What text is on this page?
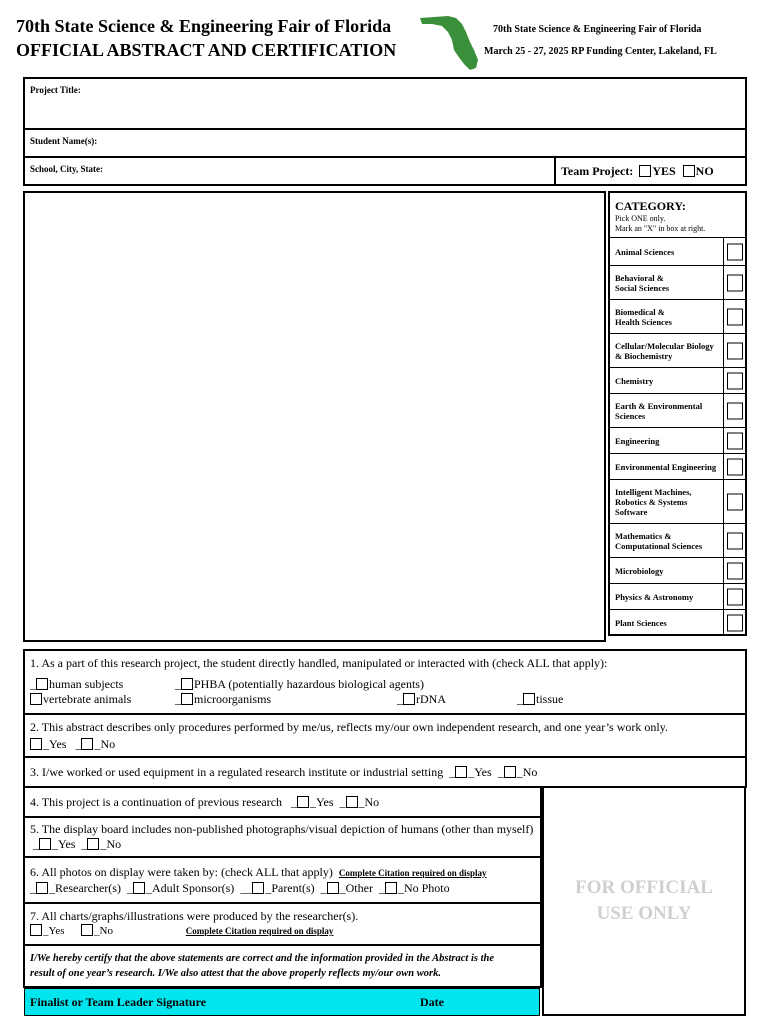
70th State Science & Engineering Fair of Florida
OFFICIAL ABSTRACT AND CERTIFICATION
70th State Science & Engineering Fair of Florida
March 25 - 27, 2025 RP Funding Center, Lakeland, FL
Project Title:
Student Name(s):
School, City, State:	Team Project: YES NO
CATEGORY:
Pick ONE only.
Mark an "X" in box at right.
Animal Sciences
Behavioral &
Social Sciences
Biomedical &
Health Sciences
Cellular/Molecular Biology
& Biochemistry
Chemistry
Earth & Environmental
Sciences
Engineering
Environmental Engineering
Intelligent Machines,
Robotics & Systems
Software
Mathematics &
Computational Sciences
Microbiology
Physics & Astronomy
Plant Sciences
1. As a part of this research project, the student directly handled, manipulated or interacted with (check ALL that apply):
_ human subjects	_ PHBA (potentially hazardous biological agents)
vertebrate animals	_ microorganisms	_ rDNA	_ tissue
2. This abstract describes only procedures performed by me/us, reflects my/our own independent research, and one year’s work only.
_Yes   _ _No
3. I/we worked or used equipment in a regulated research institute or industrial setting  _ _Yes  _ _No
4. This project is a continuation of previous research   _ _Yes  _ _No
5. The display board includes non-published photographs/visual depiction of humans (other than myself)  _ _Yes  _ _No
6. All photos on display were taken by: (check ALL that apply) Complete Citation required on display
_ _Researcher(s)  _ _Adult Sponsor(s)  __ _Parent(s)  _ _Other  _ _No Photo
7. All charts/graphs/illustrations were produced by the researcher(s).
_Yes	_No	Complete Citation required on display
I/We hereby certify that the above statements are correct and the information provided in the Abstract is the
result of one year’s research. I/We also attest that the above properly reflects my/our own work.
Finalist or Team Leader Signature	Date
FOR OFFICIAL
USE ONLY
